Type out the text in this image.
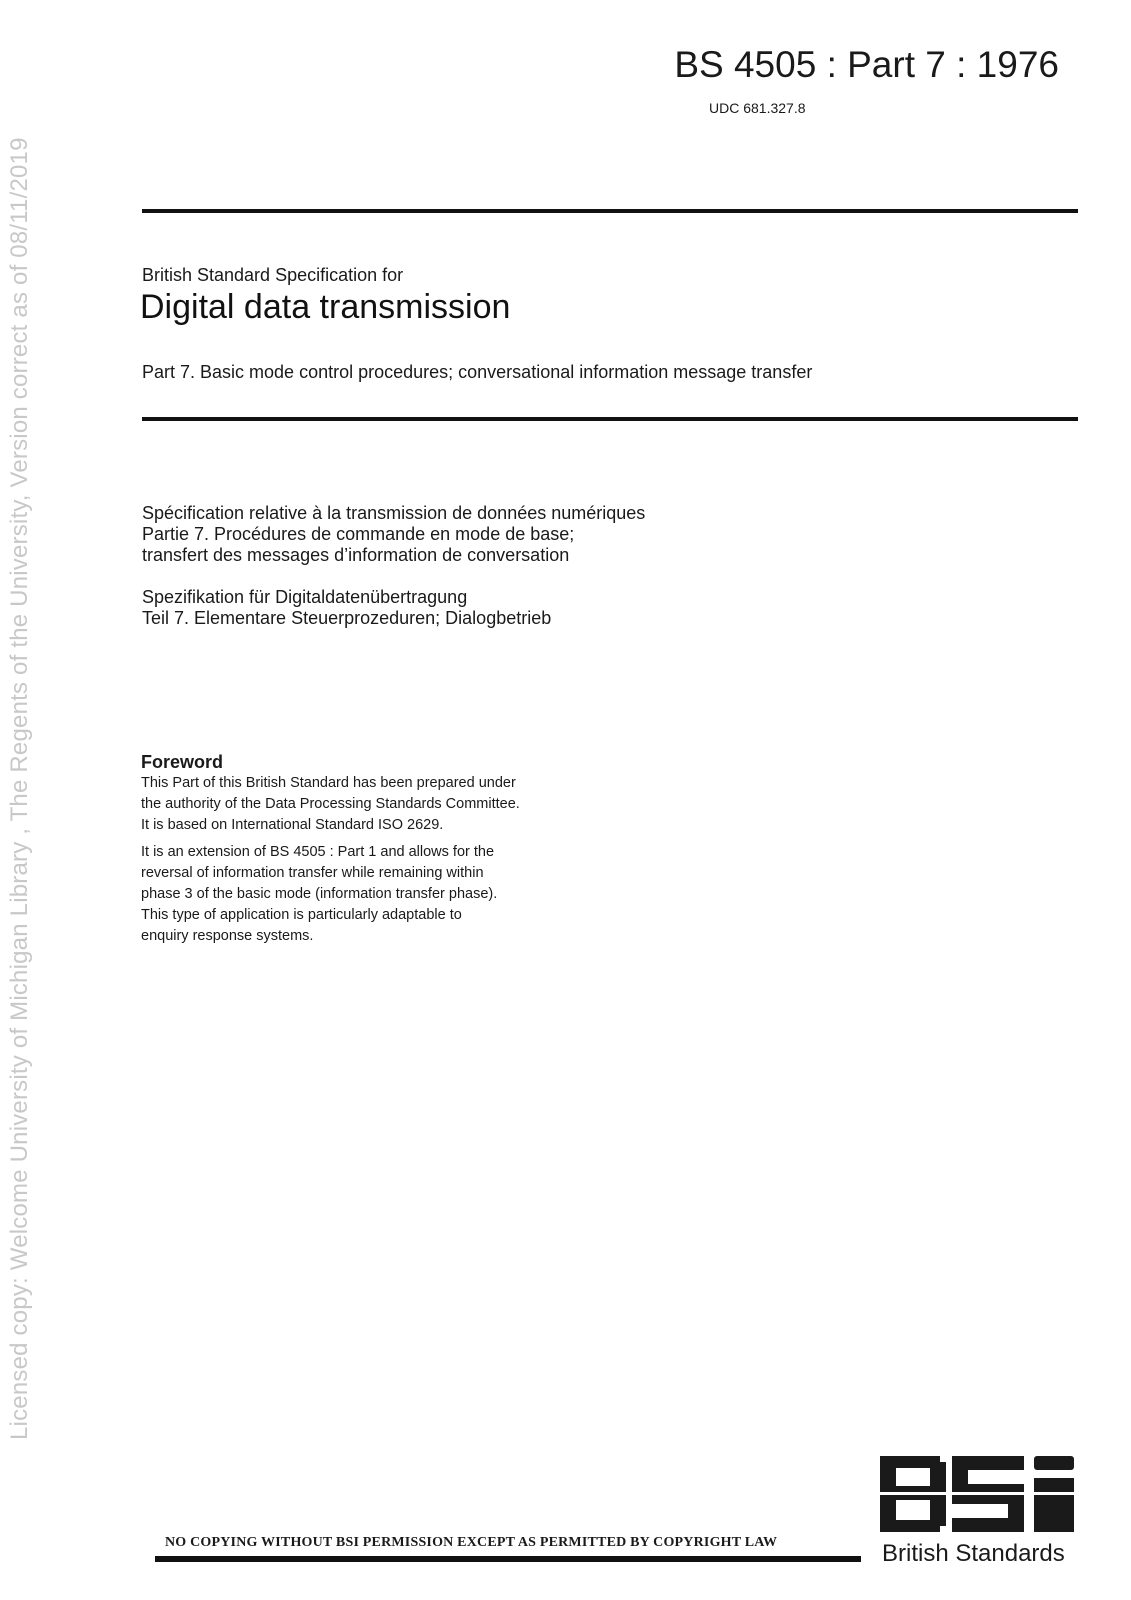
Licensed copy: Welcome University of Michigan Library , The Regents of the University, Version correct as of 08/11/2019
BS 4505 : Part 7 : 1976
UDC 681.327.8
British Standard Specification for
Digital data transmission
Part 7. Basic mode control procedures; conversational information message transfer
Spécification relative à la transmission de données numériques
Partie 7. Procédures de commande en mode de base;
transfert des messages d’information de conversation
Spezifikation für Digitaldatenübertragung
Teil 7. Elementare Steuerprozeduren; Dialogbetrieb
Foreword
This Part of this British Standard has been prepared under
the authority of the Data Processing Standards Committee.
It is based on International Standard ISO 2629.
It is an extension of BS 4505 : Part 1 and allows for the
reversal of information transfer while remaining within
phase 3 of the basic mode (information transfer phase).
This type of application is particularly adaptable to
enquiry response systems.
NO COPYING WITHOUT BSI PERMISSION EXCEPT AS PERMITTED BY COPYRIGHT LAW	British Standards
